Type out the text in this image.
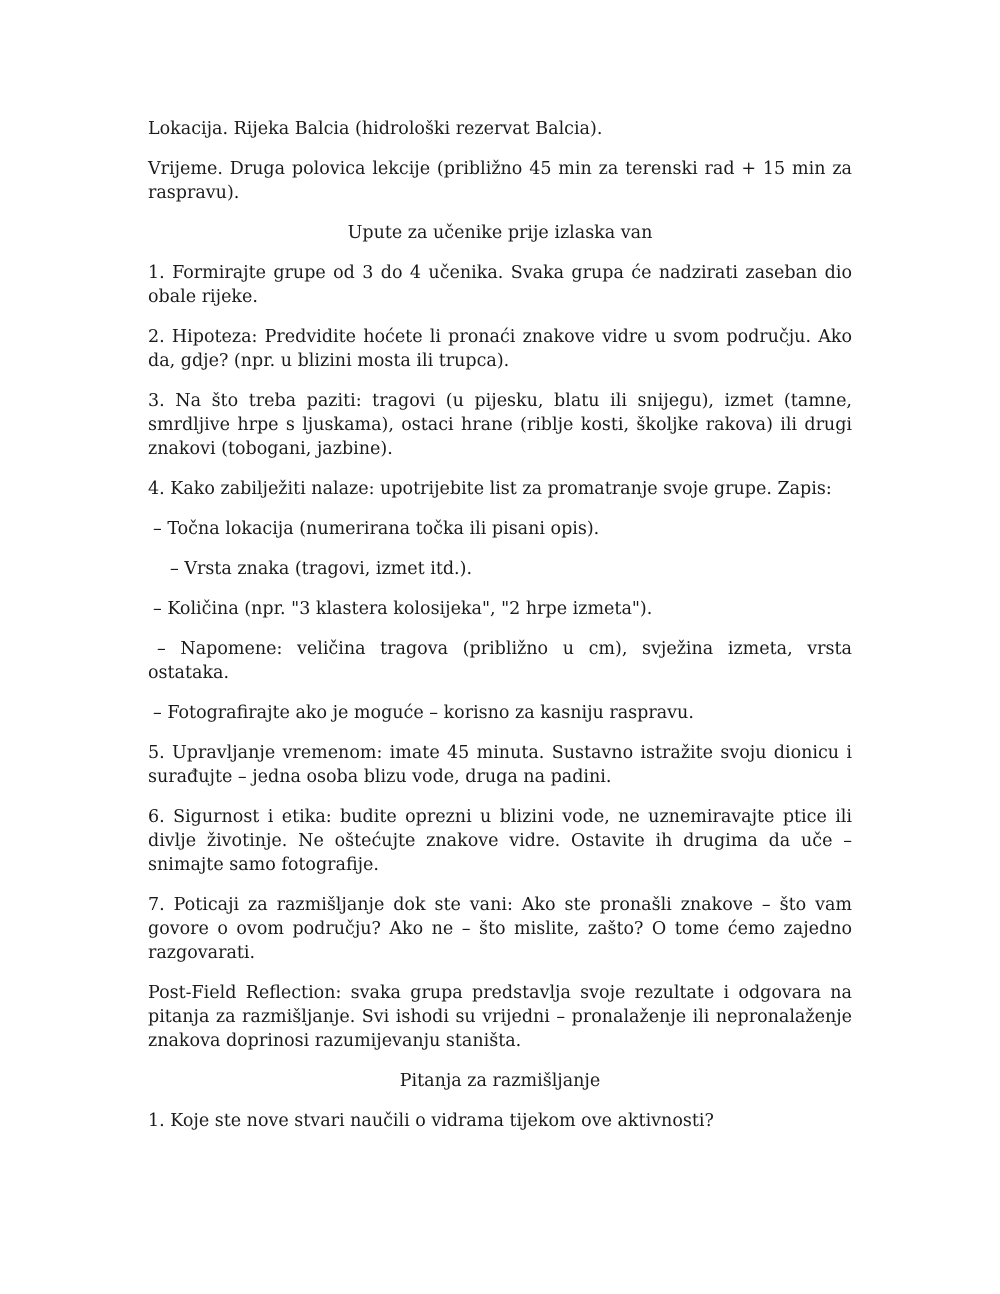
Lokacija. Rijeka Balcia (hidrološki rezervat Balcia).

Vrijeme. Druga polovica lekcije (približno 45 min za terenski rad + 15 min za raspravu).

Upute za učenike prije izlaska van

1. Formirajte grupe od 3 do 4 učenika. Svaka grupa će nadzirati zaseban dio obale rijeke.

2. Hipoteza: Predvidite hoćete li pronaći znakove vidre u svom području. Ako da, gdje? (npr. u blizini mosta ili trupca).

3. Na što treba paziti: tragovi (u pijesku, blatu ili snijegu), izmet (tamne, smrdljive hrpe s ljuskama), ostaci hrane (riblje kosti, školjke rakova) ili drugi znakovi (tobogani, jazbine).

4. Kako zabilježiti nalaze: upotrijebite list za promatranje svoje grupe. Zapis:

– Točna lokacija (numerirana točka ili pisani opis).

– Vrsta znaka (tragovi, izmet itd.).

– Količina (npr. "3 klastera kolosijeka", "2 hrpe izmeta").

– Napomene: veličina tragova (približno u cm), svježina izmeta, vrsta ostataka.

– Fotografirajte ako je moguće – korisno za kasniju raspravu.

5. Upravljanje vremenom: imate 45 minuta. Sustavno istražite svoju dionicu i surađujte – jedna osoba blizu vode, druga na padini.

6. Sigurnost i etika: budite oprezni u blizini vode, ne uznemiravajte ptice ili divlje životinje. Ne oštećujte znakove vidre. Ostavite ih drugima da uče – snimajte samo fotografije.

7. Poticaji za razmišljanje dok ste vani: Ako ste pronašli znakove – što vam govore o ovom području? Ako ne – što mislite, zašto? O tome ćemo zajedno razgovarati.

Post-Field Reflection: svaka grupa predstavlja svoje rezultate i odgovara na pitanja za razmišljanje. Svi ishodi su vrijedni – pronalaženje ili nepronalaženje znakova doprinosi razumijevanju staništa.

Pitanja za razmišljanje

1. Koje ste nove stvari naučili o vidrama tijekom ove aktivnosti?
